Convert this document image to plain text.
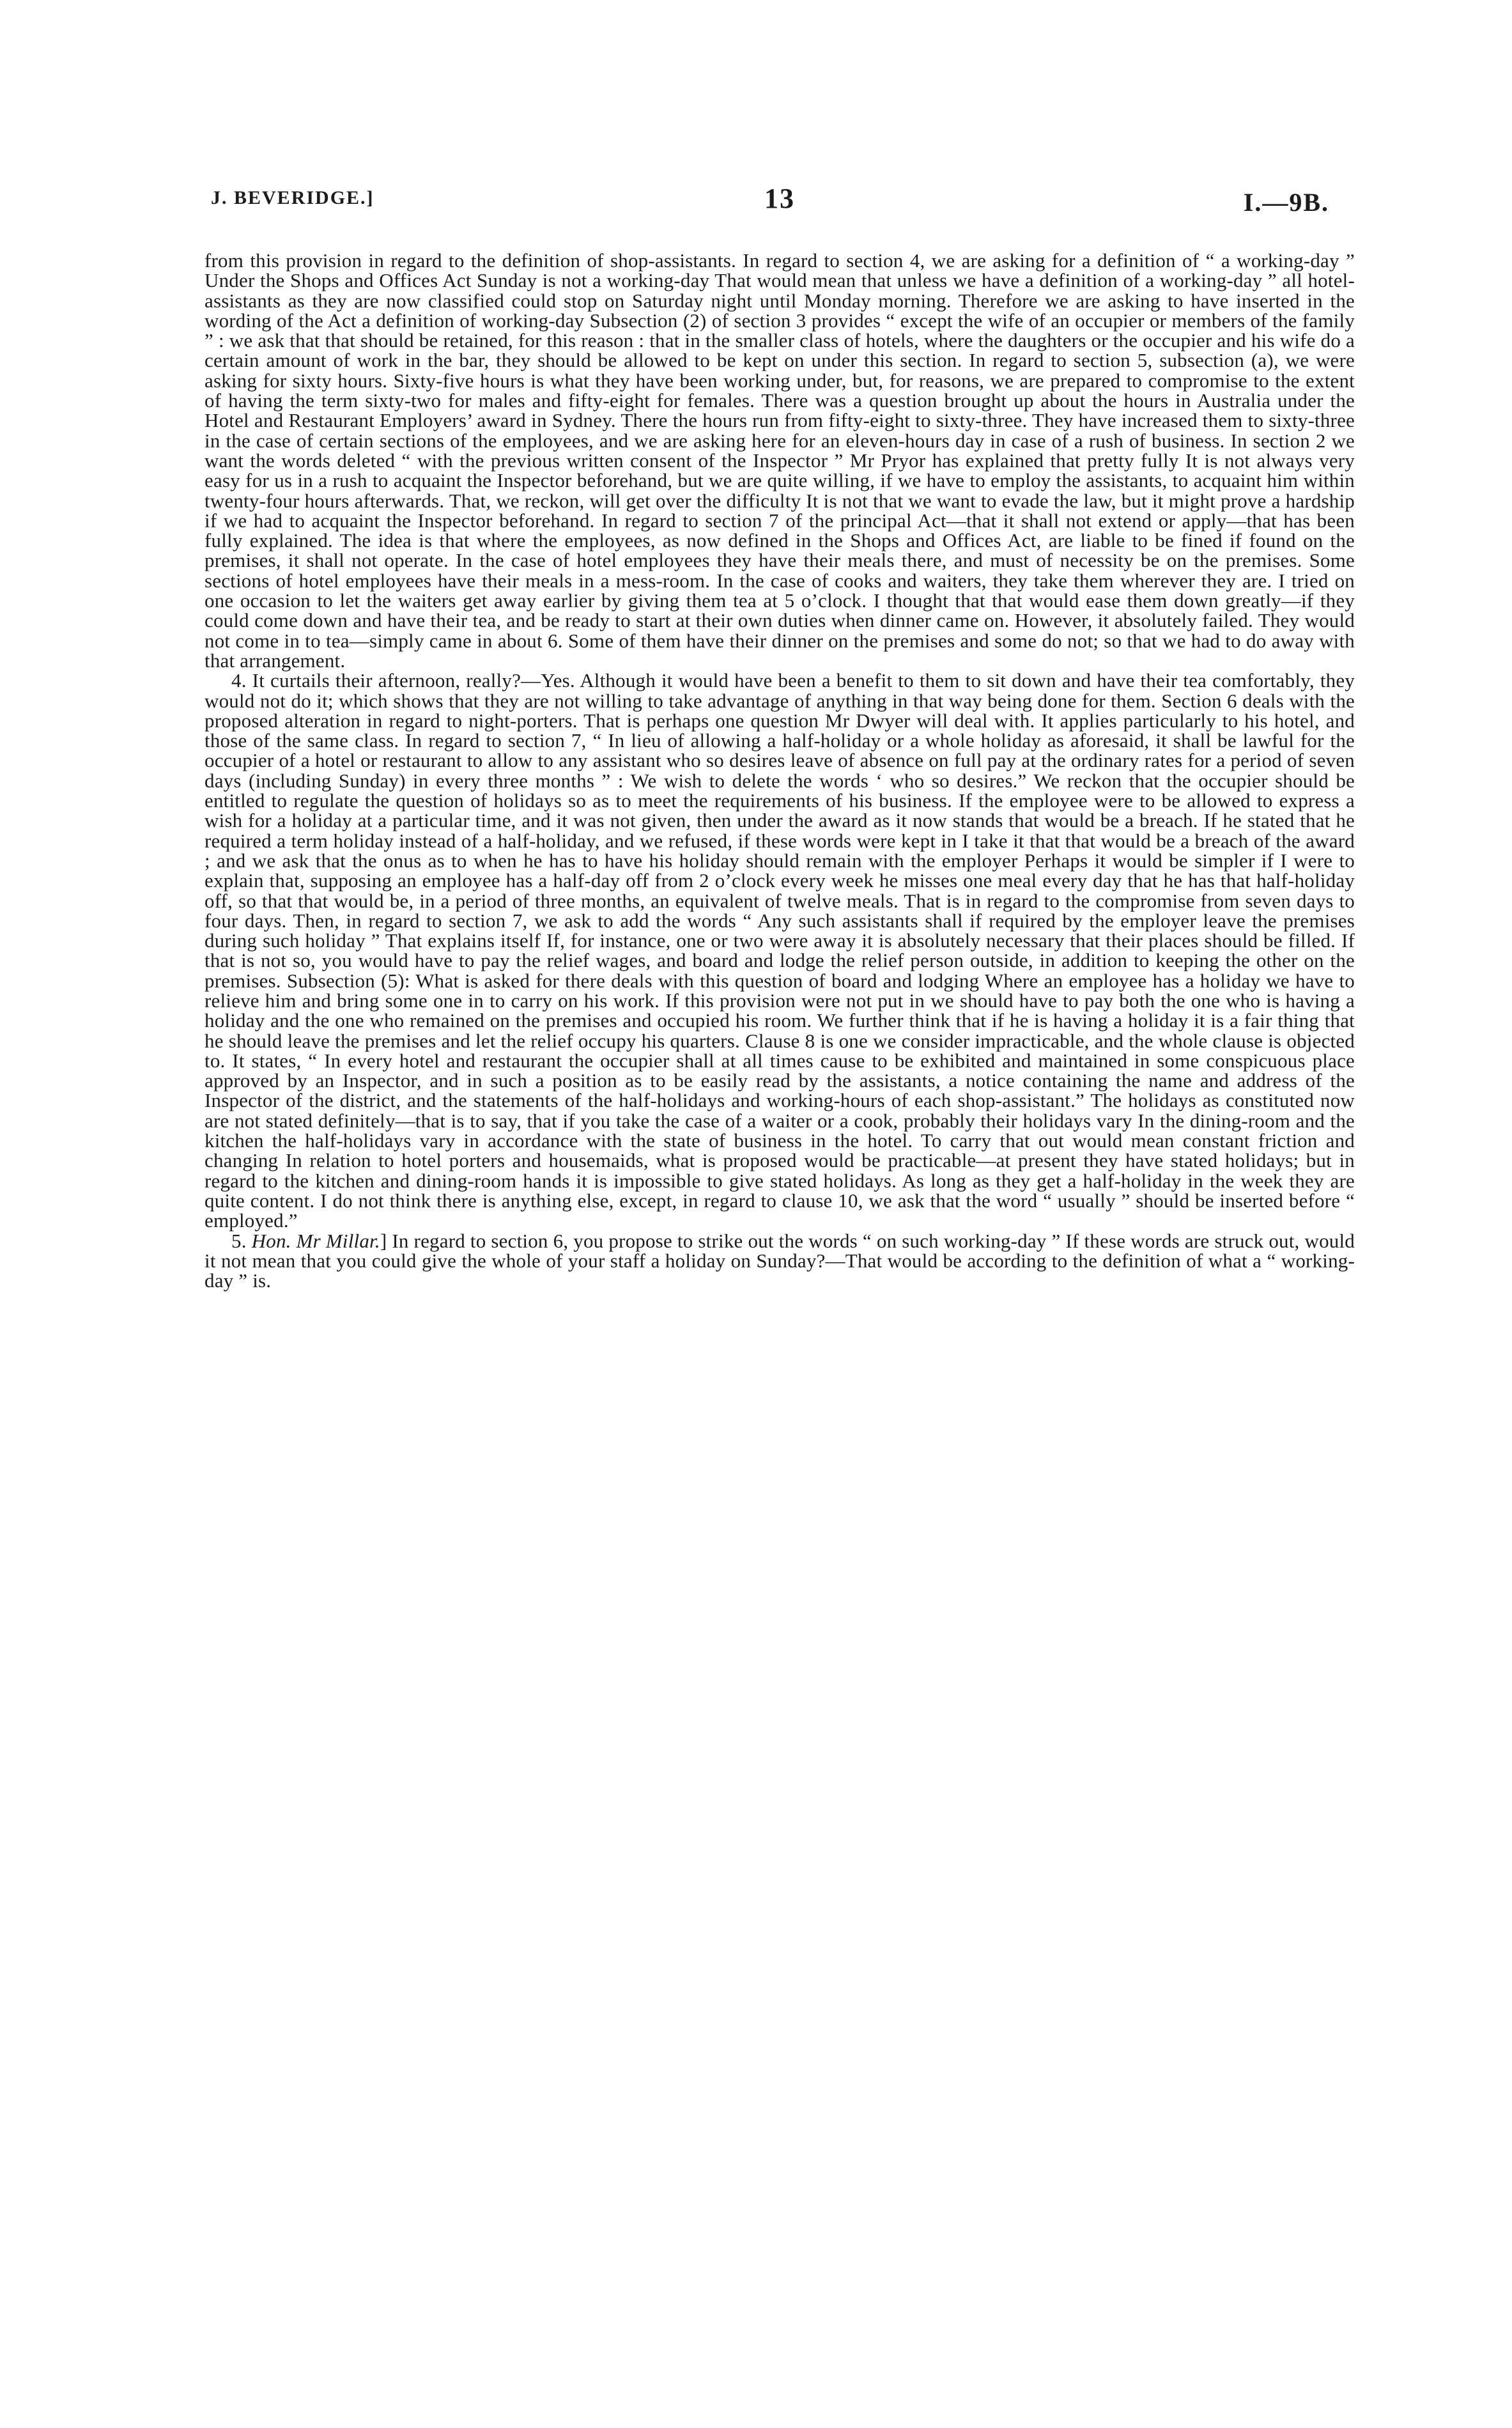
J. BEVERIDGE.]	13	I.—9B.

from this provision in regard to the definition of shop-assistants. In regard to section 4, we are asking for a definition of “ a working-day ” Under the Shops and Offices Act Sunday is not a working-day That would mean that unless we have a definition of a working-day ” all hotel-assistants as they are now classified could stop on Saturday night until Monday morning. Therefore we are asking to have inserted in the wording of the Act a definition of working-day Subsection (2) of section 3 provides “ except the wife of an occupier or members of the family ” : we ask that that should be retained, for this reason : that in the smaller class of hotels, where the daughters or the occupier and his wife do a certain amount of work in the bar, they should be allowed to be kept on under this section. In regard to section 5, subsection (a), we were asking for sixty hours. Sixty-five hours is what they have been working under, but, for reasons, we are prepared to compromise to the extent of having the term sixty-two for males and fifty-eight for females. There was a question brought up about the hours in Australia under the Hotel and Restaurant Employers’ award in Sydney. There the hours run from fifty-eight to sixty-three. They have increased them to sixty-three in the case of certain sections of the employees, and we are asking here for an eleven-hours day in case of a rush of business. In section 2 we want the words deleted “ with the previous written consent of the Inspector ” Mr Pryor has explained that pretty fully It is not always very easy for us in a rush to acquaint the Inspector beforehand, but we are quite willing, if we have to employ the assistants, to acquaint him within twenty-four hours afterwards. That, we reckon, will get over the difficulty It is not that we want to evade the law, but it might prove a hardship if we had to acquaint the Inspector beforehand. In regard to section 7 of the principal Act—that it shall not extend or apply—that has been fully explained. The idea is that where the employees, as now defined in the Shops and Offices Act, are liable to be fined if found on the premises, it shall not operate. In the case of hotel employees they have their meals there, and must of necessity be on the premises. Some sections of hotel employees have their meals in a mess-room. In the case of cooks and waiters, they take them wherever they are. I tried on one occasion to let the waiters get away earlier by giving them tea at 5 o’clock. I thought that that would ease them down greatly—if they could come down and have their tea, and be ready to start at their own duties when dinner came on. However, it absolutely failed. They would not come in to tea—simply came in about 6. Some of them have their dinner on the premises and some do not; so that we had to do away with that arrangement.

4. It curtails their afternoon, really?—Yes. Although it would have been a benefit to them to sit down and have their tea comfortably, they would not do it; which shows that they are not willing to take advantage of anything in that way being done for them. Section 6 deals with the proposed alteration in regard to night-porters. That is perhaps one question Mr Dwyer will deal with. It applies particularly to his hotel, and those of the same class. In regard to section 7, “ In lieu of allowing a half-holiday or a whole holiday as aforesaid, it shall be lawful for the occupier of a hotel or restaurant to allow to any assistant who so desires leave of absence on full pay at the ordinary rates for a period of seven days (including Sunday) in every three months ” : We wish to delete the words ‘ who so desires.” We reckon that the occupier should be entitled to regulate the question of holidays so as to meet the requirements of his business. If the employee were to be allowed to express a wish for a holiday at a particular time, and it was not given, then under the award as it now stands that would be a breach. If he stated that he required a term holiday instead of a half-holiday, and we refused, if these words were kept in I take it that that would be a breach of the award ; and we ask that the onus as to when he has to have his holiday should remain with the employer Perhaps it would be simpler if I were to explain that, supposing an employee has a half-day off from 2 o’clock every week he misses one meal every day that he has that half-holiday off, so that that would be, in a period of three months, an equivalent of twelve meals. That is in regard to the compromise from seven days to four days. Then, in regard to section 7, we ask to add the words “ Any such assistants shall if required by the employer leave the premises during such holiday ” That explains itself If, for instance, one or two were away it is absolutely necessary that their places should be filled. If that is not so, you would have to pay the relief wages, and board and lodge the relief person outside, in addition to keeping the other on the premises. Subsection (5): What is asked for there deals with this question of board and lodging Where an employee has a holiday we have to relieve him and bring some one in to carry on his work. If this provision were not put in we should have to pay both the one who is having a holiday and the one who remained on the premises and occupied his room. We further think that if he is having a holiday it is a fair thing that he should leave the premises and let the relief occupy his quarters. Clause 8 is one we consider impracticable, and the whole clause is objected to. It states, “ In every hotel and restaurant the occupier shall at all times cause to be exhibited and maintained in some conspicuous place approved by an Inspector, and in such a position as to be easily read by the assistants, a notice containing the name and address of the Inspector of the district, and the statements of the half-holidays and working-hours of each shop-assistant.” The holidays as constituted now are not stated definitely—that is to say, that if you take the case of a waiter or a cook, probably their holidays vary In the dining-room and the kitchen the half-holidays vary in accordance with the state of business in the hotel. To carry that out would mean constant friction and changing In relation to hotel porters and housemaids, what is proposed would be practicable—at present they have stated holidays; but in regard to the kitchen and dining-room hands it is impossible to give stated holidays. As long as they get a half-holiday in the week they are quite content. I do not think there is anything else, except, in regard to clause 10, we ask that the word “ usually ” should be inserted before “ employed.”

5. Hon. Mr Millar.] In regard to section 6, you propose to strike out the words “ on such working-day ” If these words are struck out, would it not mean that you could give the whole of your staff a holiday on Sunday?—That would be according to the definition of what a “ working-day ” is.
